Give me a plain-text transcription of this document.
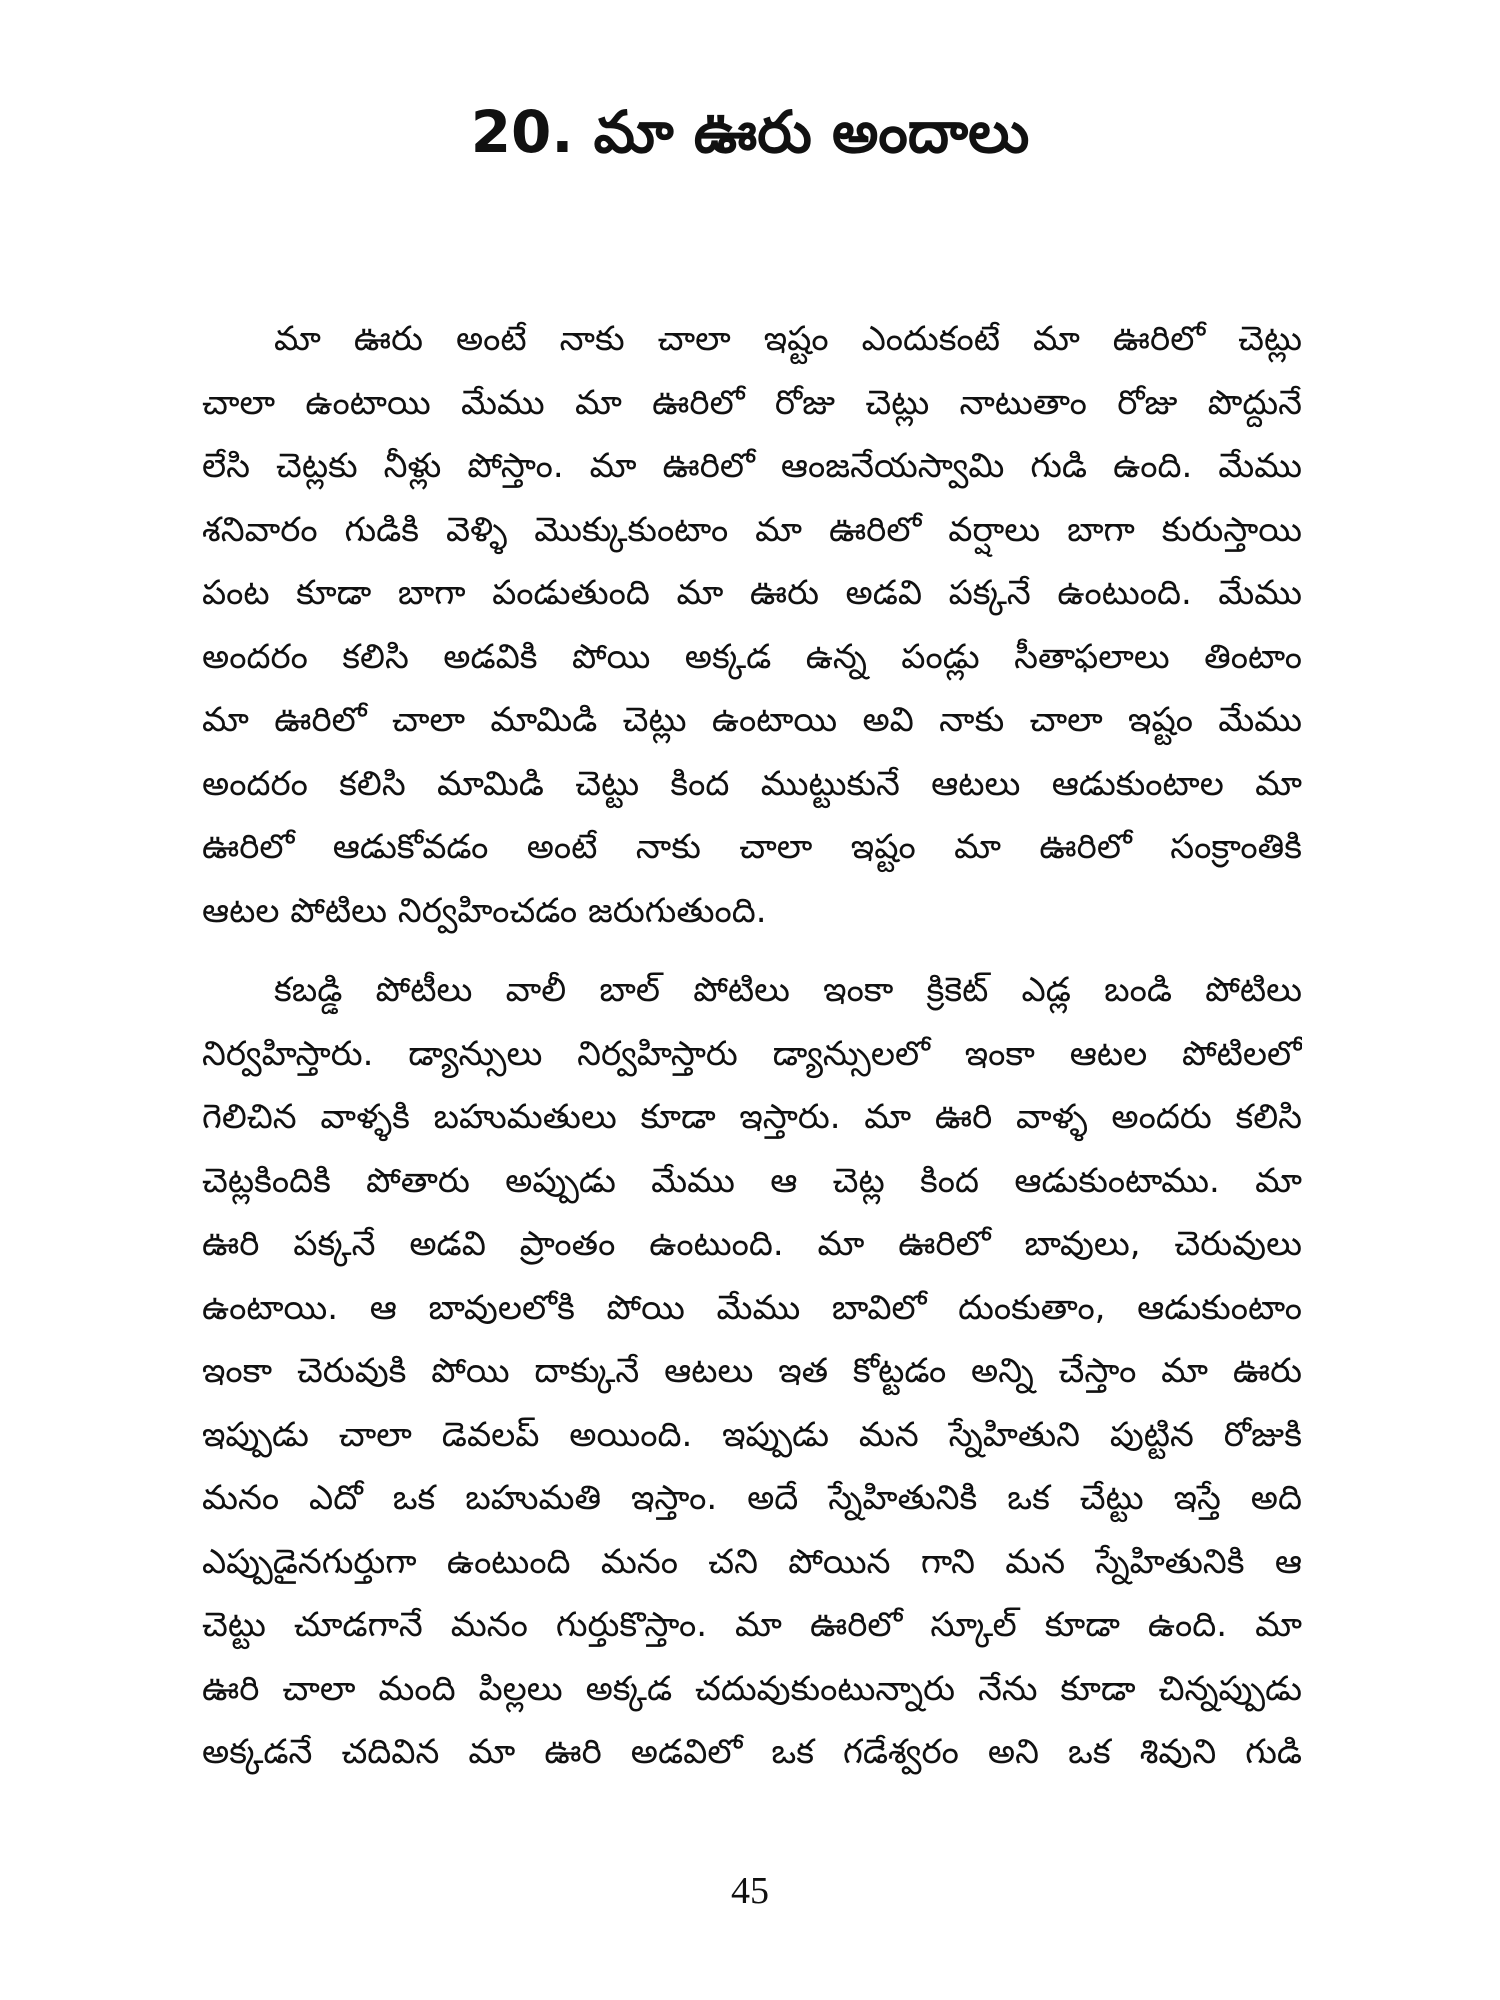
20. మా ఊరు అందాలు
మా ఊరు అంటే నాకు చాలా ఇష్టం ఎందుకంటే మా ఊరిలో చెట్లు
చాలా ఉంటాయి మేము మా ఊరిలో రోజు చెట్లు నాటుతాం రోజు పొద్దునే
లేసి చెట్లకు నీళ్లు పోస్తాం. మా ఊరిలో ఆంజనేయస్వామి గుడి ఉంది. మేము
శనివారం గుడికి వెళ్ళి మొక్కుకుంటాం మా ఊరిలో వర్షాలు బాగా కురుస్తాయి
పంట కూడా బాగా పండుతుంది మా ఊరు అడవి పక్కనే ఉంటుంది. మేము
అందరం కలిసి అడవికి పోయి అక్కడ ఉన్న పండ్లు సీతాఫలాలు తింటాం
మా ఊరిలో చాలా మామిడి చెట్లు ఉంటాయి అవి నాకు చాలా ఇష్టం మేము
అందరం కలిసి మామిడి చెట్టు కింద ముట్టుకునే ఆటలు ఆడుకుంటాల మా
ఊరిలో ఆడుకోవడం అంటే నాకు చాలా ఇష్టం మా ఊరిలో సంక్రాంతికి
ఆటల పోటిలు నిర్వహించడం జరుగుతుంది.
కబడ్డి పోటీలు వాలీ బాల్ పోటిలు ఇంకా క్రికెట్ ఎడ్ల బండి పోటిలు
నిర్వహిస్తారు. డ్యాన్సులు నిర్వహిస్తారు డ్యాన్సులలో ఇంకా ఆటల పోటిలలో
గెలిచిన వాళ్ళకి బహుమతులు కూడా ఇస్తారు. మా ఊరి వాళ్ళ అందరు కలిసి
చెట్లకిందికి పోతారు అప్పుడు మేము ఆ చెట్ల కింద ఆడుకుంటాము. మా
ఊరి పక్కనే అడవి ప్రాంతం ఉంటుంది. మా ఊరిలో బావులు, చెరువులు
ఉంటాయి. ఆ బావులలోకి పోయి మేము బావిలో దుంకుతాం, ఆడుకుంటాం
ఇంకా చెరువుకి పోయి దాక్కునే ఆటలు ఇత కోట్టడం అన్ని చేస్తాం మా ఊరు
ఇప్పుడు చాలా డెవలప్ అయింది. ఇప్పుడు మన స్నేహితుని పుట్టిన రోజుకి
మనం ఎదో ఒక బహుమతి ఇస్తాం. అదే స్నేహితునికి ఒక చేట్టు ఇస్తే అది
ఎప్పుడైనగుర్తుగా ఉంటుంది మనం చని పోయిన గాని మన స్నేహితునికి ఆ
చెట్టు చూడగానే మనం గుర్తుకొస్తాం. మా ఊరిలో స్కూల్ కూడా ఉంది. మా
ఊరి చాలా మంది పిల్లలు అక్కడ చదువుకుంటున్నారు నేను కూడా చిన్నప్పుడు
అక్కడనే చదివిన మా ఊరి అడవిలో ఒక గడేశ్వరం అని ఒక శివుని గుడి
45
